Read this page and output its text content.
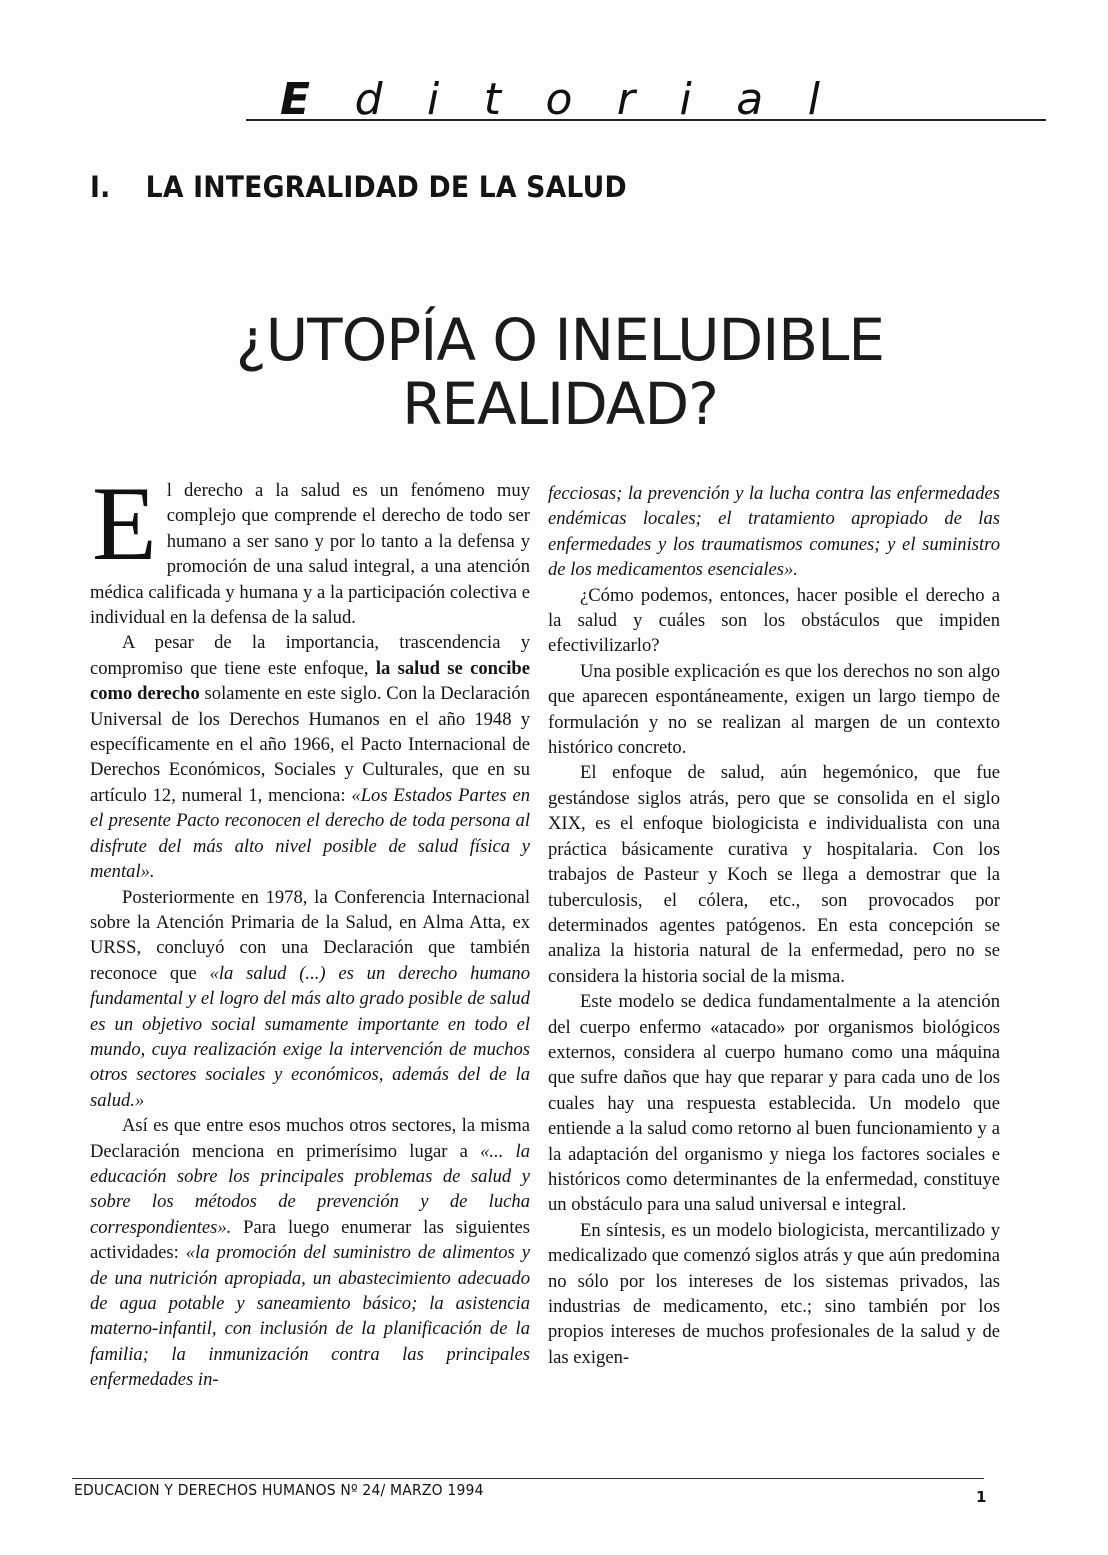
E d i t o r i a l
I. LA INTEGRALIDAD DE LA SALUD
¿UTOPÍA O INELUDIBLE
REALIDAD?

El derecho a la salud es un fenómeno muy complejo que comprende el derecho de todo ser humano a ser sano y por lo tanto a la defensa y promoción de una salud integral, a una atención médica calificada y humana y a la participación colectiva e individual en la defensa de la salud.

A pesar de la importancia, trascendencia y compromiso que tiene este enfoque, la salud se concibe como derecho solamente en este siglo. Con la Declaración Universal de los Derechos Humanos en el año 1948 y específicamente en el año 1966, el Pacto Internacional de Derechos Económicos, Sociales y Culturales, que en su artículo 12, numeral 1, menciona: «Los Estados Partes en el presente Pacto reconocen el derecho de toda persona al disfrute del más alto nivel posible de salud física y mental».

Posteriormente en 1978, la Conferencia Internacional sobre la Atención Primaria de la Salud, en Alma Atta, ex URSS, concluyó con una Declaración que también reconoce que «la salud (...) es un derecho humano fundamental y el logro del más alto grado posible de salud es un objetivo social sumamente importante en todo el mundo, cuya realización exige la intervención de muchos otros sectores sociales y económicos, además del de la salud.»

Así es que entre esos muchos otros sectores, la misma Declaración menciona en primerísimo lugar a «... la educación sobre los principales problemas de salud y sobre los métodos de prevención y de lucha correspondientes». Para luego enumerar las siguientes actividades: «la promoción del suministro de alimentos y de una nutrición apropiada, un abastecimiento adecuado de agua potable y saneamiento básico; la asistencia materno-infantil, con inclusión de la planificación de la familia; la inmunización contra las principales enfermedades in-

fecciosas; la prevención y la lucha contra las enfermedades endémicas locales; el tratamiento apropiado de las enfermedades y los traumatismos comunes; y el suministro de los medicamentos esenciales».

¿Cómo podemos, entonces, hacer posible el derecho a la salud y cuáles son los obstáculos que impiden efectivilizarlo?

Una posible explicación es que los derechos no son algo que aparecen espontáneamente, exigen un largo tiempo de formulación y no se realizan al margen de un contexto histórico concreto.

El enfoque de salud, aún hegemónico, que fue gestándose siglos atrás, pero que se consolida en el siglo XIX, es el enfoque biologicista e individualista con una práctica básicamente curativa y hospitalaria. Con los trabajos de Pasteur y Koch se llega a demostrar que la tuberculosis, el cólera, etc., son provocados por determinados agentes patógenos. En esta concepción se analiza la historia natural de la enfermedad, pero no se considera la historia social de la misma.

Este modelo se dedica fundamentalmente a la atención del cuerpo enfermo «atacado» por organismos biológicos externos, considera al cuerpo humano como una máquina que sufre daños que hay que reparar y para cada uno de los cuales hay una respuesta establecida. Un modelo que entiende a la salud como retorno al buen funcionamiento y a la adaptación del organismo y niega los factores sociales e históricos como determinantes de la enfermedad, constituye un obstáculo para una salud universal e integral.

En síntesis, es un modelo biologicista, mercantilizado y medicalizado que comenzó siglos atrás y que aún predomina no sólo por los intereses de los sistemas privados, las industrias de medicamento, etc.; sino también por los propios intereses de muchos profesionales de la salud y de las exigen-

EDUCACION Y DERECHOS HUMANOS Nº 24/ MARZO 1994	1
